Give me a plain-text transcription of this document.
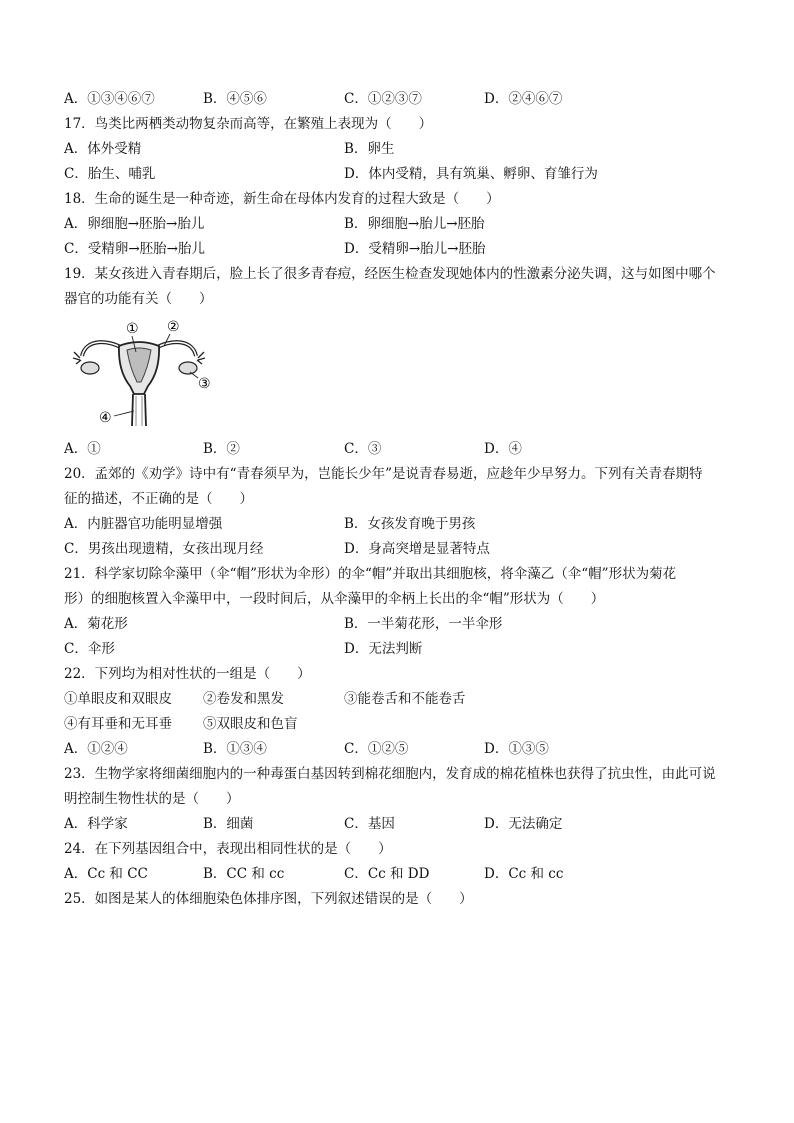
A．①③④⑥⑦	B．④⑤⑥	C．①②③⑦	D．②④⑥⑦
17．鸟类比两栖类动物复杂而高等，在繁殖上表现为（　　）
A．体外受精	B．卵生
C．胎生、哺乳	D．体内受精，具有筑巢、孵卵、育雏行为
18．生命的诞生是一种奇迹，新生命在母体内发育的过程大致是（　　）
A．卵细胞→胚胎→胎儿	B．卵细胞→胎儿→胚胎
C．受精卵→胚胎→胎儿	D．受精卵→胎儿→胚胎
19．某女孩进入青春期后，脸上长了很多青春痘，经医生检查发现她体内的性激素分泌失调，这与如图中哪个
器官的功能有关（　　）
① ②
③
④
A．①	B．②	C．③	D．④
20．孟郊的《劝学》诗中有“青春须早为，岂能长少年”是说青春易逝，应趁年少早努力。下列有关青春期特
征的描述，不正确的是（　　）
A．内脏器官功能明显增强	B．女孩发育晚于男孩
C．男孩出现遗精，女孩出现月经	D．身高突增是显著特点
21．科学家切除伞藻甲（伞“帽”形状为伞形）的伞“帽”并取出其细胞核，将伞藻乙（伞“帽”形状为菊花
形）的细胞核置入伞藻甲中，一段时间后，从伞藻甲的伞柄上长出的伞“帽”形状为（　　）
A．菊花形	B．一半菊花形，一半伞形
C．伞形	D．无法判断
22．下列均为相对性状的一组是（　　）
①单眼皮和双眼皮 ②卷发和黑发	③能卷舌和不能卷舌
④有耳垂和无耳垂 ⑤双眼皮和色盲
A．①②④	B．①③④	C．①②⑤	D．①③⑤
23．生物学家将细菌细胞内的一种毒蛋白基因转到棉花细胞内，发育成的棉花植株也获得了抗虫性，由此可说
明控制生物性状的是（　　）
A．科学家	B．细菌	C．基因	D．无法确定
24．在下列基因组合中，表现出相同性状的是（　　）
A．Cc 和 CC	B．CC 和 cc	C．Cc 和 DD	D．Cc 和 cc
25．如图是某人的体细胞染色体排序图，下列叙述错误的是（　　）
